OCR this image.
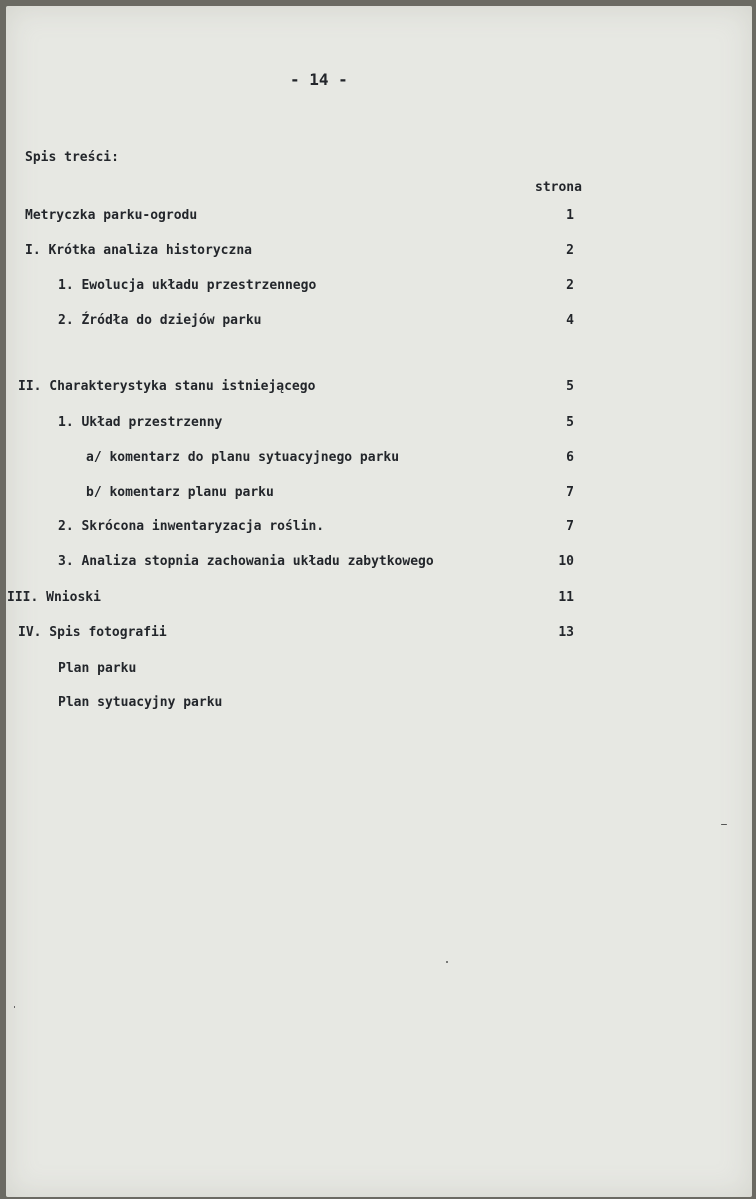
- 14 -
Spis treści:
strona
Metryczka parku-ogrodu	1
I. Krótka analiza historyczna	2
1. Ewolucja układu przestrzennego	2
2. Źródła do dziejów parku	4
II. Charakterystyka stanu istniejącego	5
1. Układ przestrzenny	5
a/ komentarz do planu sytuacyjnego parku	6
b/ komentarz planu parku	7
2. Skrócona inwentaryzacja roślin.	7
3. Analiza stopnia zachowania układu zabytkowego	10
III. Wnioski	11
IV. Spis fotografii	13
Plan parku
Plan sytuacyjny parku
